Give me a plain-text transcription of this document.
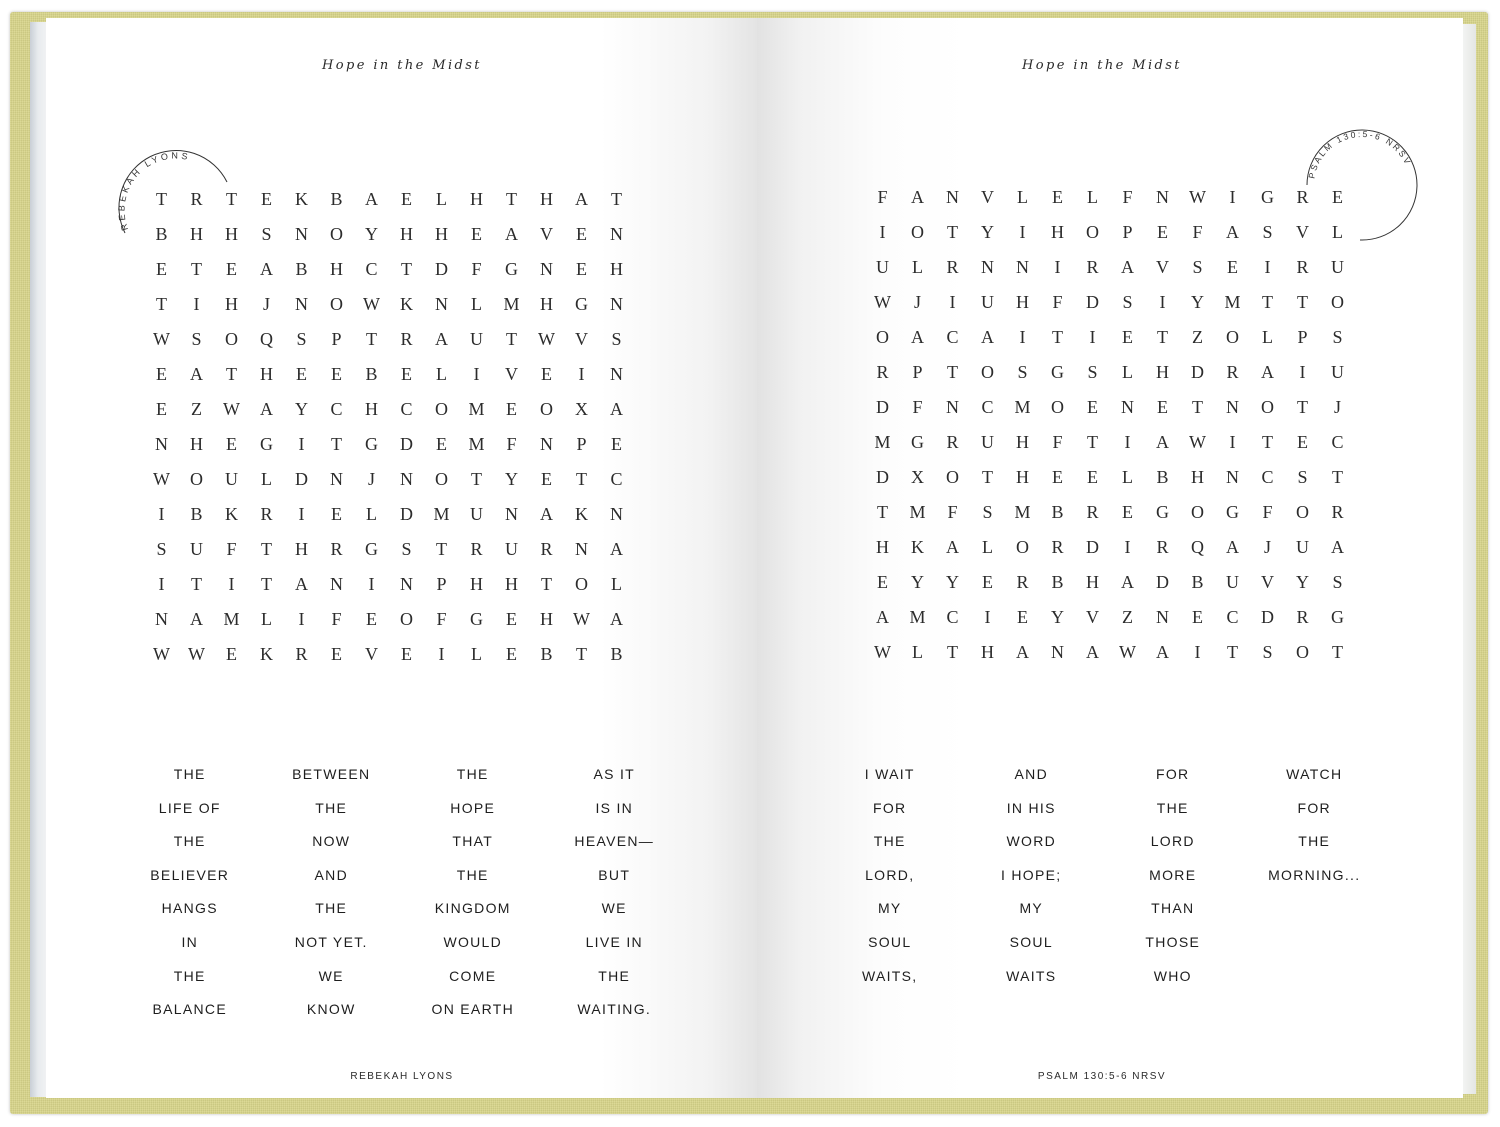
Hope in the Midst
REBEKAH LYONS
T	R	T	E	K	B	A	E	L	H	T	H	A	T
B	H	H	S	N	O	Y	H	H	E	A	V	E	N
E	T	E	A	B	H	C	T	D	F	G	N	E	H
T	I	H	J	N	O	W	K	N	L	M	H	G	N
W	S	O	Q	S	P	T	R	A	U	T	W	V	S
E	A	T	H	E	E	B	E	L	I	V	E	I	N
E	Z	W	A	Y	C	H	C	O	M	E	O	X	A
N	H	E	G	I	T	G	D	E	M	F	N	P	E
W	O	U	L	D	N	J	N	O	T	Y	E	T	C
I	B	K	R	I	E	L	D	M	U	N	A	K	N
S	U	F	T	H	R	G	S	T	R	U	R	N	A
I	T	I	T	A	N	I	N	P	H	H	T	O	L
N	A	M	L	I	F	E	O	F	G	E	H	W	A
W	W	E	K	R	E	V	E	I	L	E	B	T	B
THE
LIFE OF
THE
BELIEVER
HANGS
IN
THE
BALANCE
BETWEEN
THE
NOW
AND
THE
NOT YET.
WE
KNOW
THE
HOPE
THAT
THE
KINGDOM
WOULD
COME
ON EARTH
AS IT
IS IN
HEAVEN—
BUT
WE
LIVE IN
THE
WAITING.
REBEKAH LYONS
Hope in the Midst
PSALM 130:5-6 NRSV
F	A	N	V	L	E	L	F	N	W	I	G	R	E
I	O	T	Y	I	H	O	P	E	F	A	S	V	L
U	L	R	N	N	I	R	A	V	S	E	I	R	U
W	J	I	U	H	F	D	S	I	Y	M	T	T	O
O	A	C	A	I	T	I	E	T	Z	O	L	P	S
R	P	T	O	S	G	S	L	H	D	R	A	I	U
D	F	N	C	M	O	E	N	E	T	N	O	T	J
M	G	R	U	H	F	T	I	A	W	I	T	E	C
D	X	O	T	H	E	E	L	B	H	N	C	S	T
T	M	F	S	M	B	R	E	G	O	G	F	O	R
H	K	A	L	O	R	D	I	R	Q	A	J	U	A
E	Y	Y	E	R	B	H	A	D	B	U	V	Y	S
A	M	C	I	E	Y	V	Z	N	E	C	D	R	G
W	L	T	H	A	N	A	W	A	I	T	S	O	T
I WAIT
FOR
THE
LORD,
MY
SOUL
WAITS,
AND
IN HIS
WORD
I HOPE;
MY
SOUL
WAITS
FOR
THE
LORD
MORE
THAN
THOSE
WHO
WATCH
FOR
THE
MORNING...
PSALM 130:5-6 NRSV
